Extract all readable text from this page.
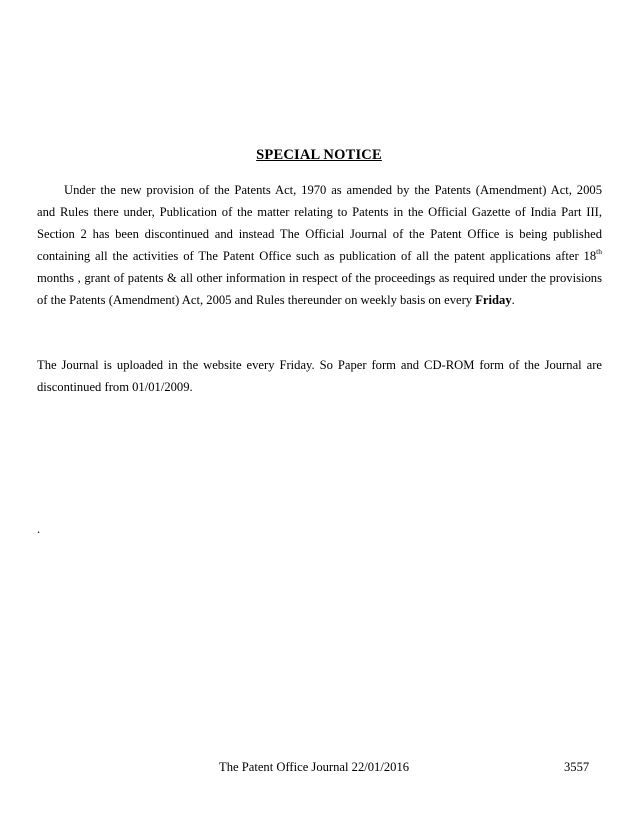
SPECIAL NOTICE
Under the new provision of the Patents Act, 1970 as amended by the Patents (Amendment) Act, 2005
and Rules there under, Publication of the matter relating to Patents in the Official Gazette of India Part III,
Section 2 has been discontinued and instead The Official Journal of the Patent Office is being published
containing all the activities of The Patent Office such as publication of all the patent applications after 18th
months , grant of patents & all other information in respect of the proceedings as required under the provisions
of the Patents (Amendment) Act, 2005 and Rules thereunder on weekly basis on every Friday.
The Journal is uploaded in the website every Friday. So Paper form and CD-ROM form of the Journal are
discontinued from 01/01/2009.
.
The Patent Office Journal 22/01/2016	3557
